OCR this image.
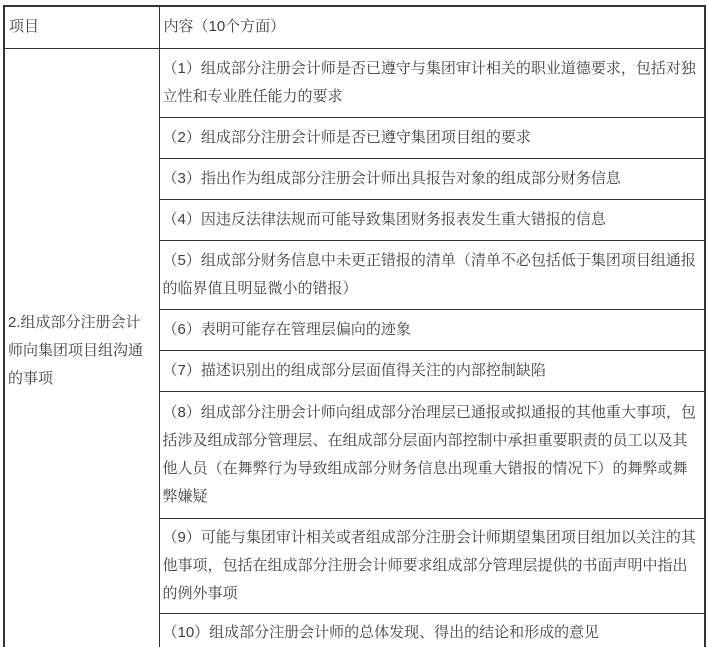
项目	内容（10个方面）
2.组成部分注册会计师向集团项目组沟通的事项	（1）组成部分注册会计师是否已遵守与集团审计相关的职业道德要求，包括对独立性和专业胜任能力的要求
	（2）组成部分注册会计师是否已遵守集团项目组的要求
	（3）指出作为组成部分注册会计师出具报告对象的组成部分财务信息
	（4）因违反法律法规而可能导致集团财务报表发生重大错报的信息
	（5）组成部分财务信息中未更正错报的清单（清单不必包括低于集团项目组通报的临界值且明显微小的错报）
	（6）表明可能存在管理层偏向的迹象
	（7）描述识别出的组成部分层面值得关注的内部控制缺陷
	（8）组成部分注册会计师向组成部分治理层已通报或拟通报的其他重大事项，包括涉及组成部分管理层、在组成部分层面内部控制中承担重要职责的员工以及其他人员（在舞弊行为导致组成部分财务信息出现重大错报的情况下）的舞弊或舞弊嫌疑
	（9）可能与集团审计相关或者组成部分注册会计师期望集团项目组加以关注的其他事项，包括在组成部分注册会计师要求组成部分管理层提供的书面声明中指出的例外事项
	（10）组成部分注册会计师的总体发现、得出的结论和形成的意见
